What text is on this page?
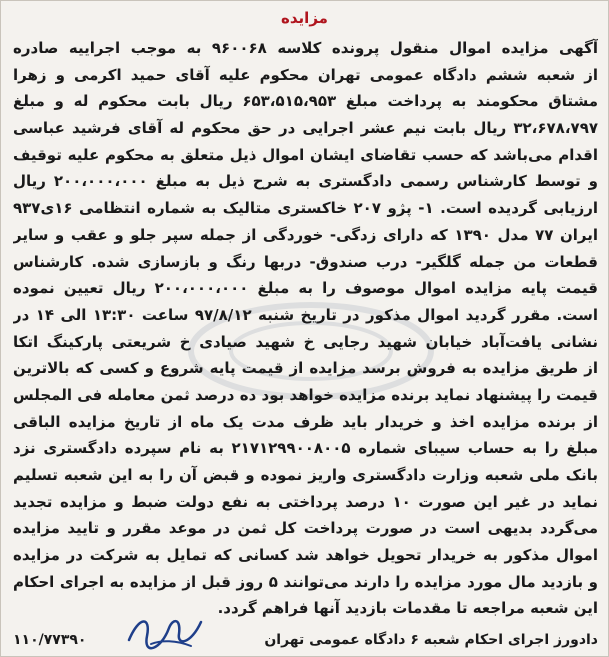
مزایده
آگهی مزایده اموال منقول پرونده کلاسه ۹۶۰۰۶۸ به موجب اجراییه صادره
از شعبه ششم دادگاه عمومی تهران محکوم علیه آقای حمید اکرمی و زهرا
مشتاق محکومند به پرداخت مبلغ ۶۵۳،۵۱۵،۹۵۳ ریال بابت محکوم له و مبلغ
۳۲،۶۷۸،۷۹۷ ریال بابت نیم عشر اجرایی در حق محکوم له آقای فرشید عباسی
اقدام می‌باشد که حسب تقاضای ایشان اموال ذیل متعلق به محکوم علیه توقیف
و توسط کارشناس رسمی دادگستری به شرح ذیل به مبلغ ۲۰۰،۰۰۰،۰۰۰ ریال
ارزیابی گردیده است. ۱- پژو ۲۰۷ خاکستری متالیک به شماره انتظامی ۱۶ی۹۳۷
ایران ۷۷ مدل ۱۳۹۰ که دارای زدگی- خوردگی از جمله سپر جلو و عقب و سایر
قطعات من جمله گلگیر- درب صندوق- دربها رنگ و بازسازی شده. کارشناس
قیمت پایه مزایده اموال موصوف را به مبلغ ۲۰۰،۰۰۰،۰۰۰ ریال تعیین نموده
است. مقرر گردید اموال مذکور در تاریخ شنبه ۹۷/۸/۱۲ ساعت ۱۳:۳۰ الی ۱۴ در
نشانی یافت‌آباد خیابان شهید رجایی خ شهید صیادی خ شریعتی پارکینگ اتکا
از طریق مزایده به فروش برسد مزایده از قیمت پایه شروع و کسی که بالاترین
قیمت را پیشنهاد نماید برنده مزایده خواهد بود ده درصد ثمن معامله فی المجلس
از برنده مزایده اخذ و خریدار باید ظرف مدت یک ماه از تاریخ مزایده الباقی
مبلغ را به حساب سیبای شماره ۲۱۷۱۲۹۹۰۰۸۰۰۵ به نام سپرده دادگستری نزد
بانک ملی شعبه وزارت دادگستری واریز نموده و قبض آن را به این شعبه تسلیم
نماید در غیر این صورت ۱۰ درصد پرداختی به نفع دولت ضبط و مزایده تجدید
می‌گردد بدیهی است در صورت پرداخت کل ثمن در موعد مقرر و تایید مزایده
اموال مذکور به خریدار تحویل خواهد شد کسانی که تمایل به شرکت در مزایده
و بازدید مال مورد مزایده را دارند می‌توانند ۵ روز قبل از مزایده به اجرای احکام
این شعبه مراجعه تا مقدمات بازدید آنها فراهم گردد.
دادورز اجرای احکام شعبه ۶ دادگاه عمومی تهران
۱۱۰/۷۷۳۹۰
